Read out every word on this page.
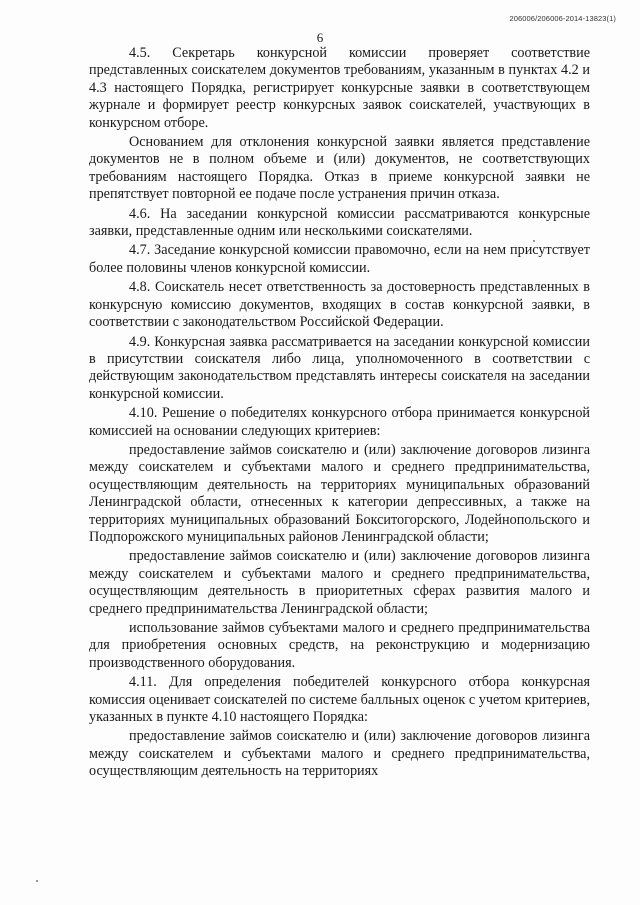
206006/206006-2014-13823(1)
6

4.5. Секретарь конкурсной комиссии проверяет соответствие представленных соискателем документов требованиям, указанным в пунктах 4.2 и 4.3 настоящего Порядка, регистрирует конкурсные заявки в соответствующем журнале и формирует реестр конкурсных заявок соискателей, участвующих в конкурсном отборе.

Основанием для отклонения конкурсной заявки является представление документов не в полном объеме и (или) документов, не соответствующих требованиям настоящего Порядка. Отказ в приеме конкурсной заявки не препятствует повторной ее подаче после устранения причин отказа.

4.6. На заседании конкурсной комиссии рассматриваются конкурсные заявки, представленные одним или несколькими соискателями.

4.7. Заседание конкурсной комиссии правомочно, если на нем присутствует более половины членов конкурсной комиссии.

4.8. Соискатель несет ответственность за достоверность представленных в конкурсную комиссию документов, входящих в состав конкурсной заявки, в соответствии с законодательством Российской Федерации.

4.9. Конкурсная заявка рассматривается на заседании конкурсной комиссии в присутствии соискателя либо лица, уполномоченного в соответствии с действующим законодательством представлять интересы соискателя на заседании конкурсной комиссии.

4.10. Решение о победителях конкурсного отбора принимается конкурсной комиссией на основании следующих критериев:

предоставление займов соискателю и (или) заключение договоров лизинга между соискателем и субъектами малого и среднего предпринимательства, осуществляющим деятельность на территориях муниципальных образований Ленинградской области, отнесенных к категории депрессивных, а также на территориях муниципальных образований Бокситогорского, Лодейнопольского и Подпорожского муниципальных районов Ленинградской области;

предоставление займов соискателю и (или) заключение договоров лизинга между соискателем и субъектами малого и среднего предпринимательства, осуществляющим деятельность в приоритетных сферах развития малого и среднего предпринимательства Ленинградской области;

использование займов субъектами малого и среднего предпринимательства для приобретения основных средств, на реконструкцию и модернизацию производственного оборудования.

4.11. Для определения победителей конкурсного отбора конкурсная комиссия оценивает соискателей по системе балльных оценок с учетом критериев, указанных в пункте 4.10 настоящего Порядка:

предоставление займов соискателю и (или) заключение договоров лизинга между соискателем и субъектами малого и среднего предпринимательства, осуществляющим деятельность на территориях
